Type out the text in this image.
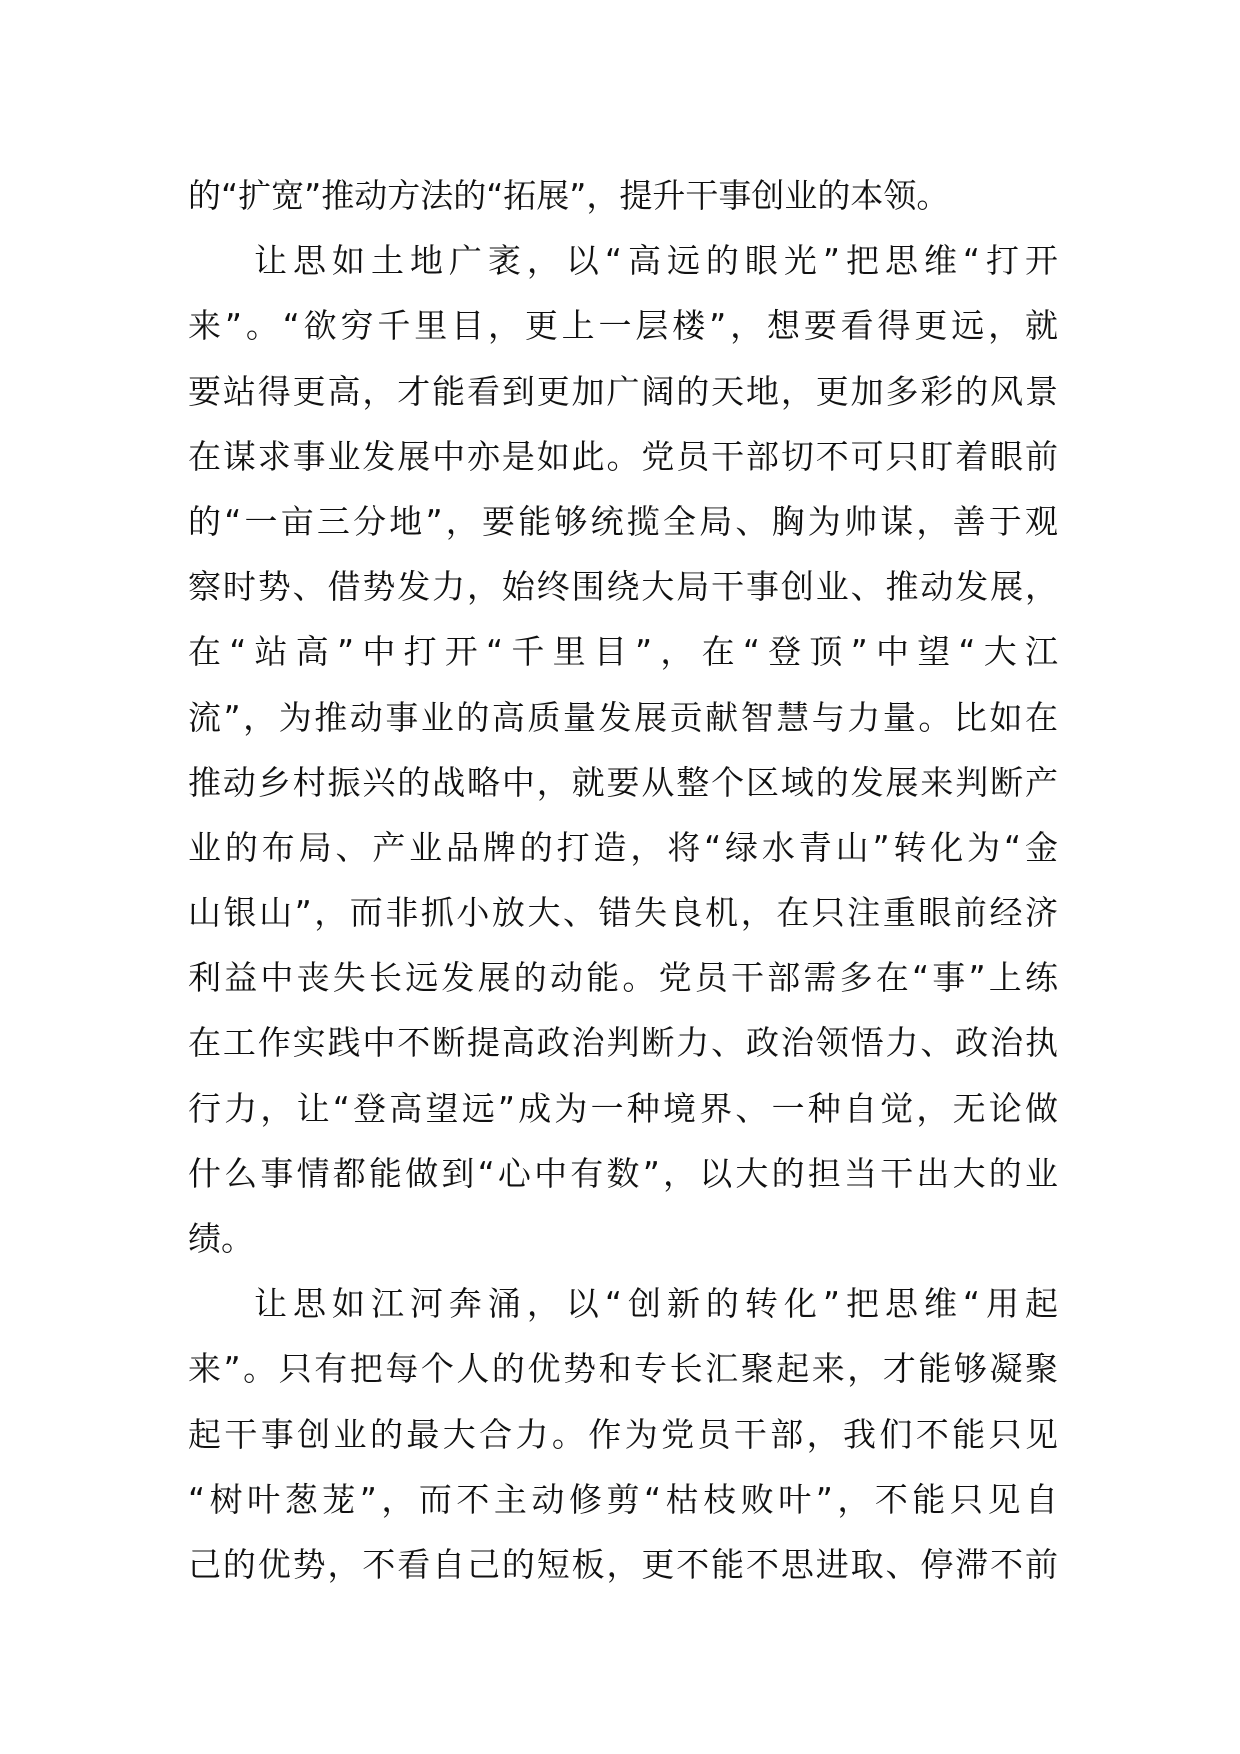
的“扩宽”推动方法的“拓展”，提升干事创业的本领。
让思如土地广袤，以“高远的眼光”把思维“打开
来”。“欲穷千里目，更上一层楼”，想要看得更远，就
要站得更高，才能看到更加广阔的天地，更加多彩的风景
在谋求事业发展中亦是如此。党员干部切不可只盯着眼前
的“一亩三分地”，要能够统揽全局、胸为帅谋，善于观
察时势、借势发力，始终围绕大局干事创业、推动发展，
在“站高”中打开“千里目”，在“登顶”中望“大江
流”，为推动事业的高质量发展贡献智慧与力量。比如在
推动乡村振兴的战略中，就要从整个区域的发展来判断产
业的布局、产业品牌的打造，将“绿水青山”转化为“金
山银山”，而非抓小放大、错失良机，在只注重眼前经济
利益中丧失长远发展的动能。党员干部需多在“事”上练
在工作实践中不断提高政治判断力、政治领悟力、政治执
行力，让“登高望远”成为一种境界、一种自觉，无论做
什么事情都能做到“心中有数”，以大的担当干出大的业
绩。
让思如江河奔涌，以“创新的转化”把思维“用起
来”。只有把每个人的优势和专长汇聚起来，才能够凝聚
起干事创业的最大合力。作为党员干部，我们不能只见
“树叶葱茏”，而不主动修剪“枯枝败叶”，不能只见自
己的优势，不看自己的短板，更不能不思进取、停滞不前
